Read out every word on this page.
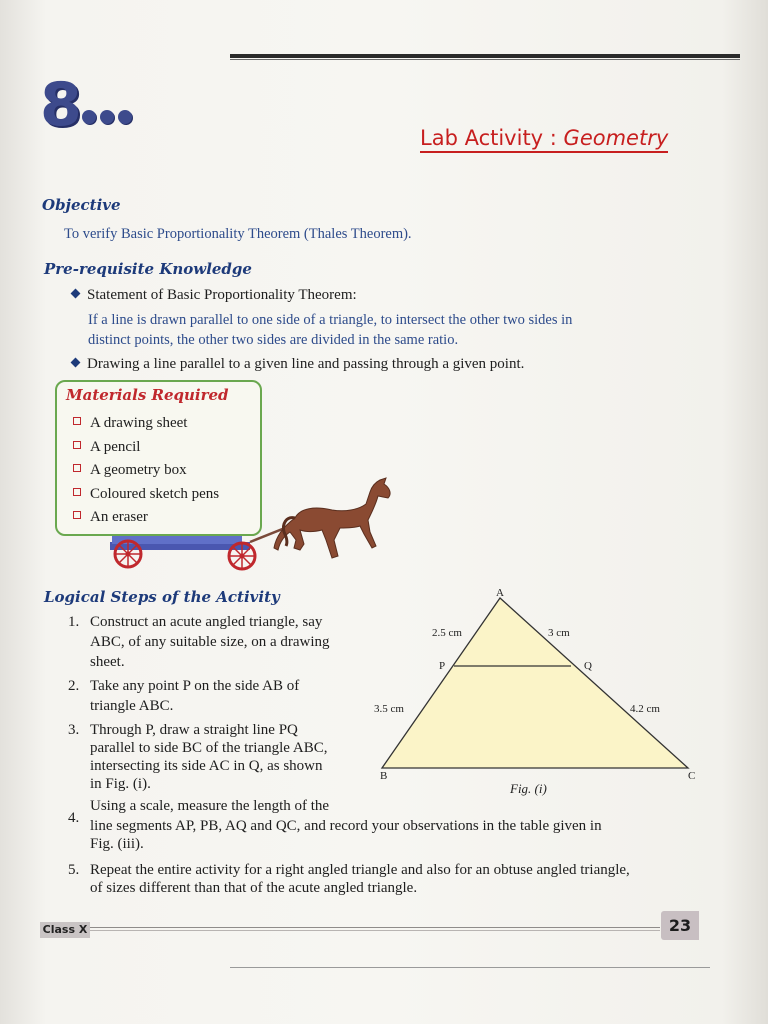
8	Lab Activity : Geometry
Objective
To verify Basic Proportionality Theorem (Thales Theorem).
Pre-requisite Knowledge
Statement of Basic Proportionality Theorem:
If a line is drawn parallel to one side of a triangle, to intersect the other two sides in
distinct points, the other two sides are divided in the same ratio.
Drawing a line parallel to a given line and passing through a given point.
Materials Required
A drawing sheet
A pencil
A geometry box
Coloured sketch pens
An eraser
Logical Steps of the Activity
1. Construct an acute angled triangle, say
ABC, of any suitable size, on a drawing
sheet.
2. Take any point P on the side AB of
triangle ABC.
3. Through P, draw a straight line PQ
parallel to side BC of the triangle ABC,
intersecting its side AC in Q, as shown
in Fig. (i).
4.
Using a scale, measure the length of the
line segments AP, PB, AQ and QC, and record your observations in the table given in
Fig. (iii).
5. Repeat the entire activity for a right angled triangle and also for an obtuse angled triangle,
of sizes different than that of the acute angled triangle.
A
B	C
P	Q
2.5 cm	3 cm
3.5 cm	4.2 cm
Fig. (i)
Class X	23
